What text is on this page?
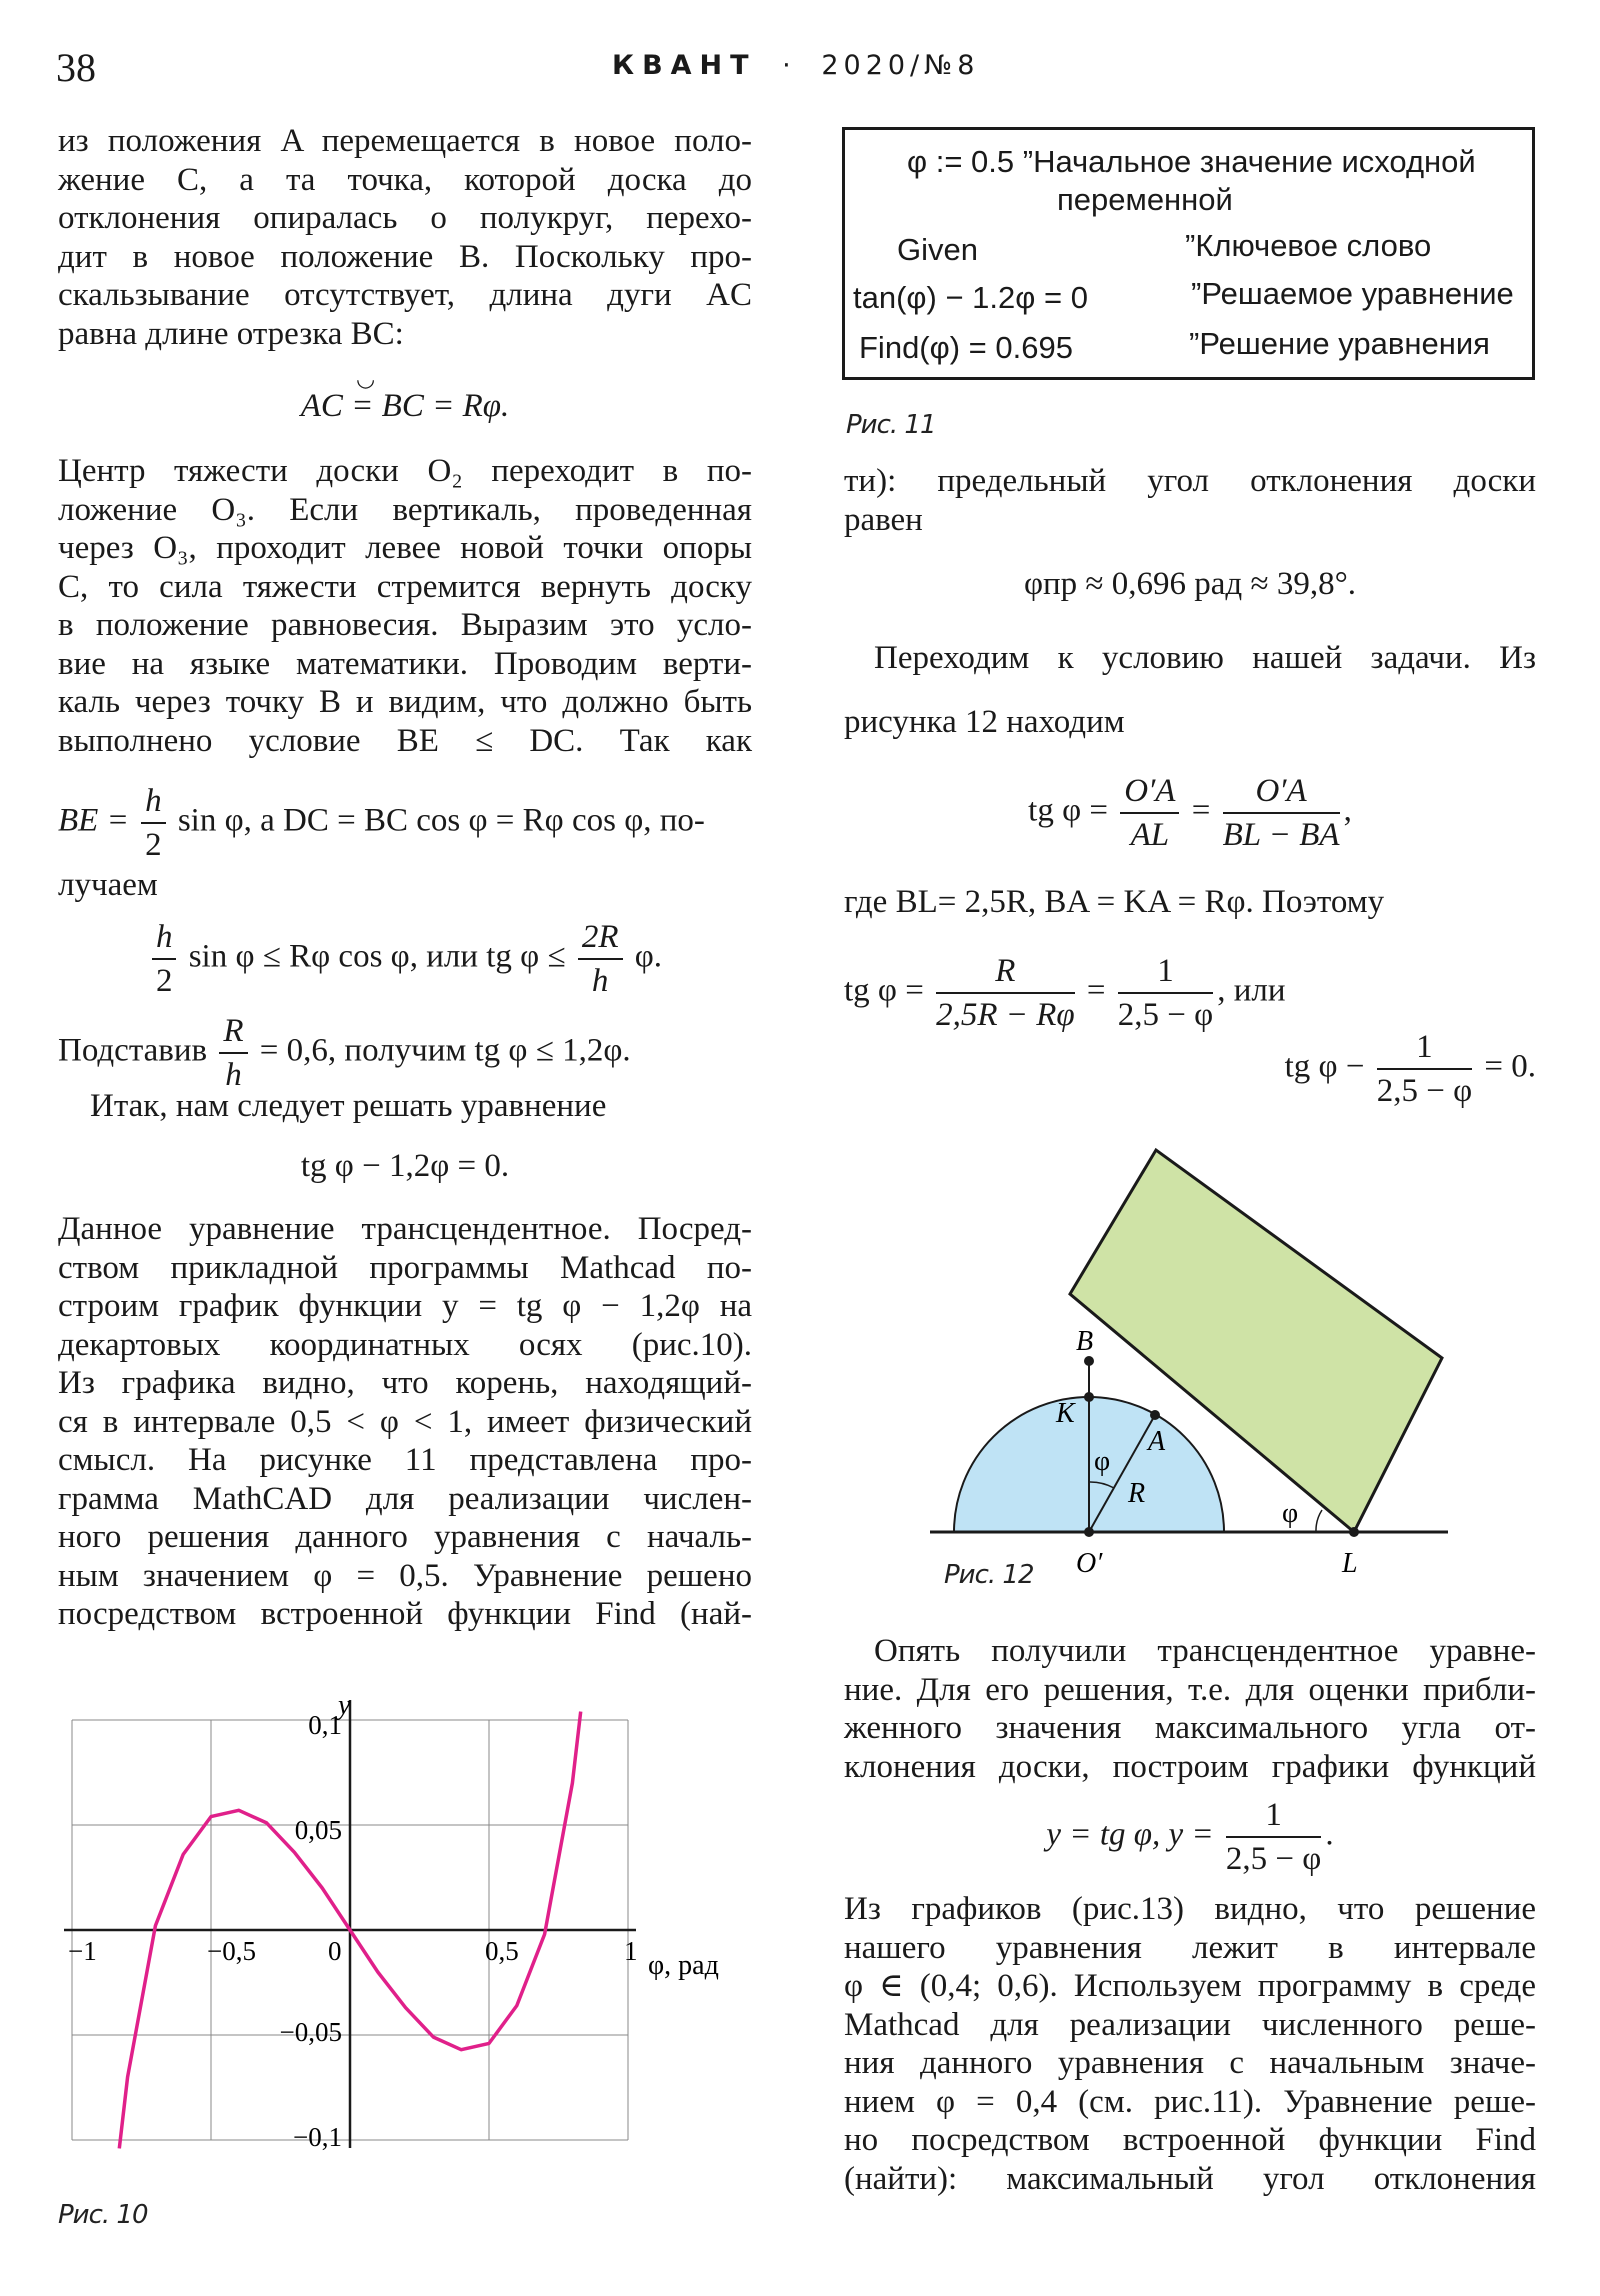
38	КВАНТ · 2020/№8
из положения A перемещается в новое поло-
жение C, а та точка, которой доска до
отклонения опиралась о полукруг, перехо-
дит в новое положение B. Поскольку про-
скальзывание отсутствует, длина дуги AC
равна длине отрезка BC:
◡
AC = BC = Rφ.
Центр тяжести доски O₂ переходит в по-
ложение O₃. Если вертикаль, проведенная
через O₃, проходит левее новой точки опоры
C, то сила тяжести стремится вернуть доску
в положение равновесия. Выразим это усло-
вие на языке математики. Проводим верти-
каль через точку B и видим, что должно быть
выполнено условие BE ≤ DC. Так как
BE = $\frac{h}{2}$ sin φ, а DC = BC cos φ = Rφ cos φ, по-
лучаем
$\frac{h}{2}$ sin φ ≤ Rφ cos φ, или tg $\varphi \le \frac{2R}{h} \varphi$.
Подставив $\frac{R}{h} = 0,6$, получим tg φ ≤ 1,2φ.
Итак, нам следует решать уравнение
tg φ − 1,2φ = 0.
Данное уравнение трансцендентное. Посред-
ством прикладной программы Mathcad по-
строим график функции y = tg φ − 1,2φ на
декартовых координатных осях (рис.10).
Из графика видно, что корень, находящий-
ся в интервале 0,5 < φ < 1, имеет физический
смысл. На рисунке 11 представлена про-
грамма MathCAD для реализации числен-
ного решения данного уравнения с началь-
ным значением φ = 0,5. Уравнение решено
посредством встроенной функции Find (най-
−1	−0,5	0	0,5	1
0,1
0,05
−0,05
−0,1
y
φ, рад
Рис. 10
φ := 0.5 ”Начальное значение исходной
переменной
Given	”Ключевое слово
tan(φ) − 1.2φ = 0	”Решаемое уравнение
Find(φ) = 0.695	”Решение уравнения
Рис. 11
ти): предельный угол отклонения доски
равен
φпр ≈ 0,696 рад ≈ 39,8°.
Переходим к условию нашей задачи. Из
рисунка 12 находим
tg $\varphi = \frac{O'A}{AL} = \frac{O'A}{BL - BA}$ ,
где BL= 2,5R, BA = KA = Rφ. Поэтому
tg $\varphi = \frac{R}{2,5R - R\varphi} = \frac{1}{2,5 - \varphi}$ , или
tg $\varphi - \frac{1}{2,5 - \varphi} = 0$.
B
K
A
R
φ
φ
O′	L
Рис. 12
Опять получили трансцендентное уравне-
ние. Для его решения, т.е. для оценки прибли-
женного значения максимального угла от-
клонения доски, построим графики функций
y = tg φ, $y = \frac{1}{2,5 - \varphi}$ .
Из графиков (рис.13) видно, что решение
нашего уравнения лежит в интервале
φ ∈ (0,4; 0,6). Используем программу в среде
Mathcad для реализации численного реше-
ния данного уравнения с начальным значе-
нием φ = 0,4 (см. рис.11). Уравнение реше-
но посредством встроенной функции Find
(найти): максимальный угол отклонения
